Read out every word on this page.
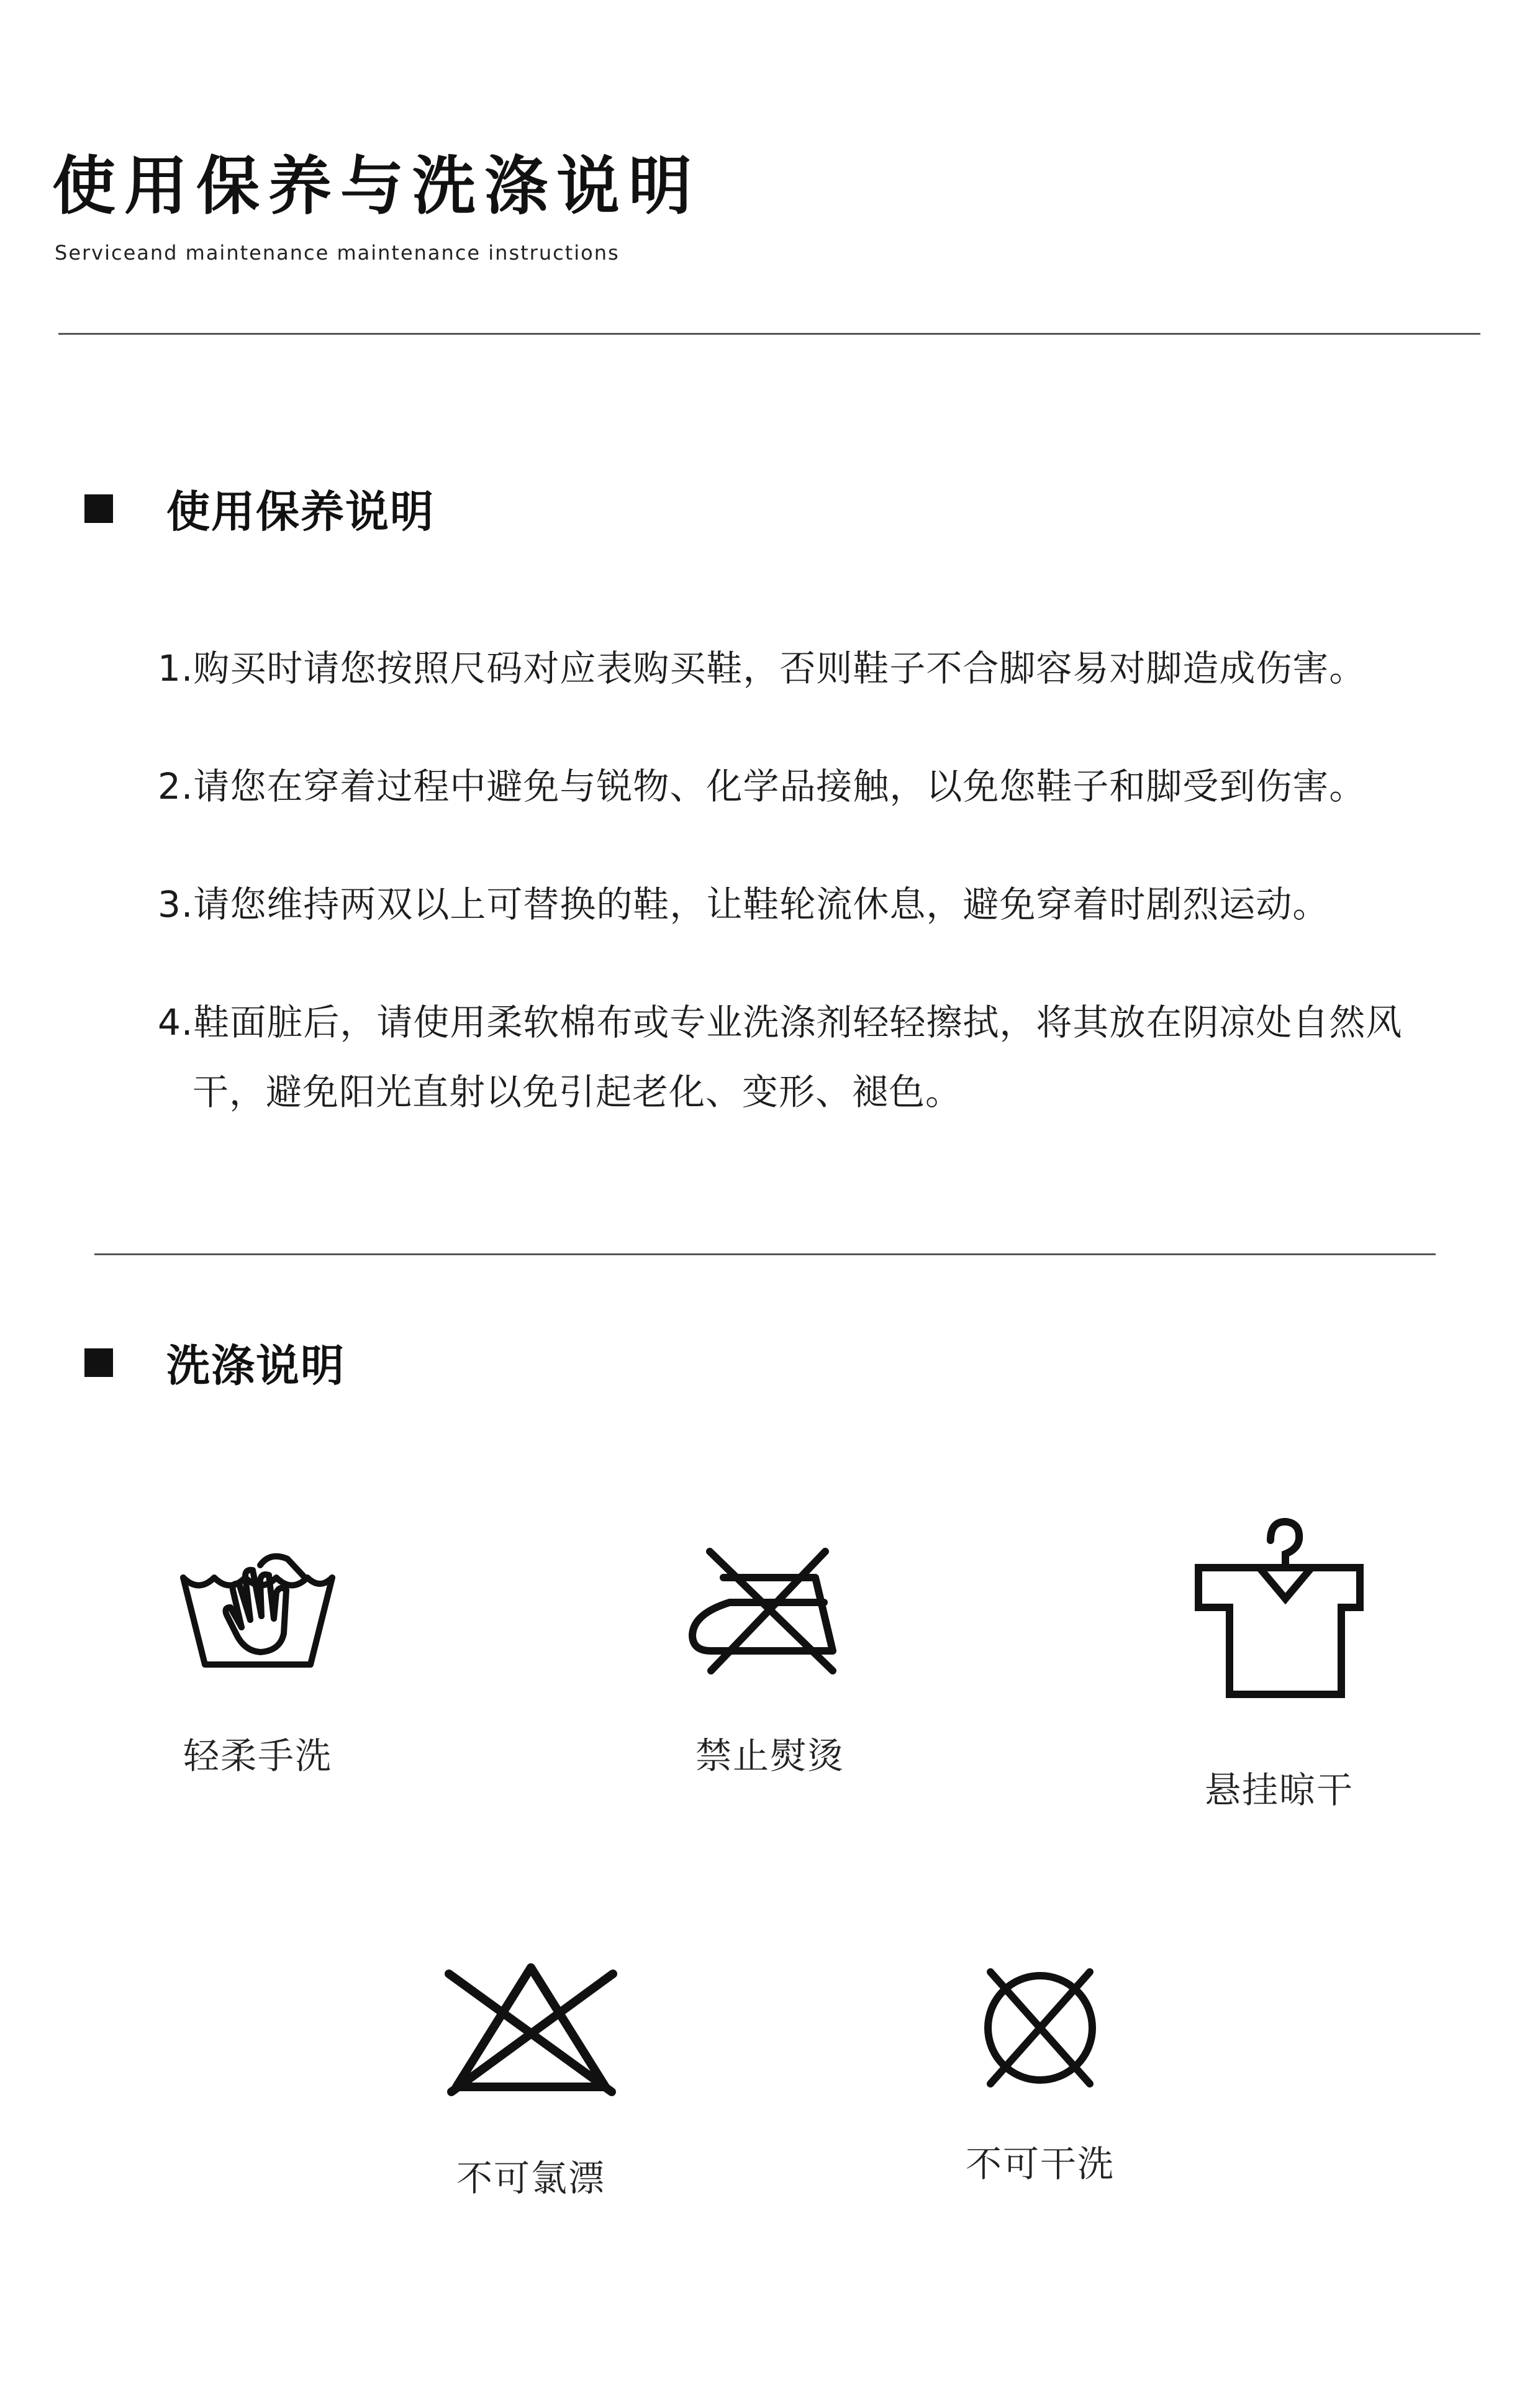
使用保养与洗涤说明
Serviceand maintenance maintenance instructions
使用保养说明
1.购买时请您按照尺码对应表购买鞋，否则鞋子不合脚容易对脚造成伤害。
2.请您在穿着过程中避免与锐物、化学品接触，以免您鞋子和脚受到伤害。
3.请您维持两双以上可替换的鞋，让鞋轮流休息，避免穿着时剧烈运动。
4.鞋面脏后，请使用柔软棉布或专业洗涤剂轻轻擦拭，将其放在阴凉处自然风干，避免阳光直射以免引起老化、变形、褪色。
洗涤说明
轻柔手洗	禁止熨烫
悬挂晾干
不可氯漂	不可干洗
